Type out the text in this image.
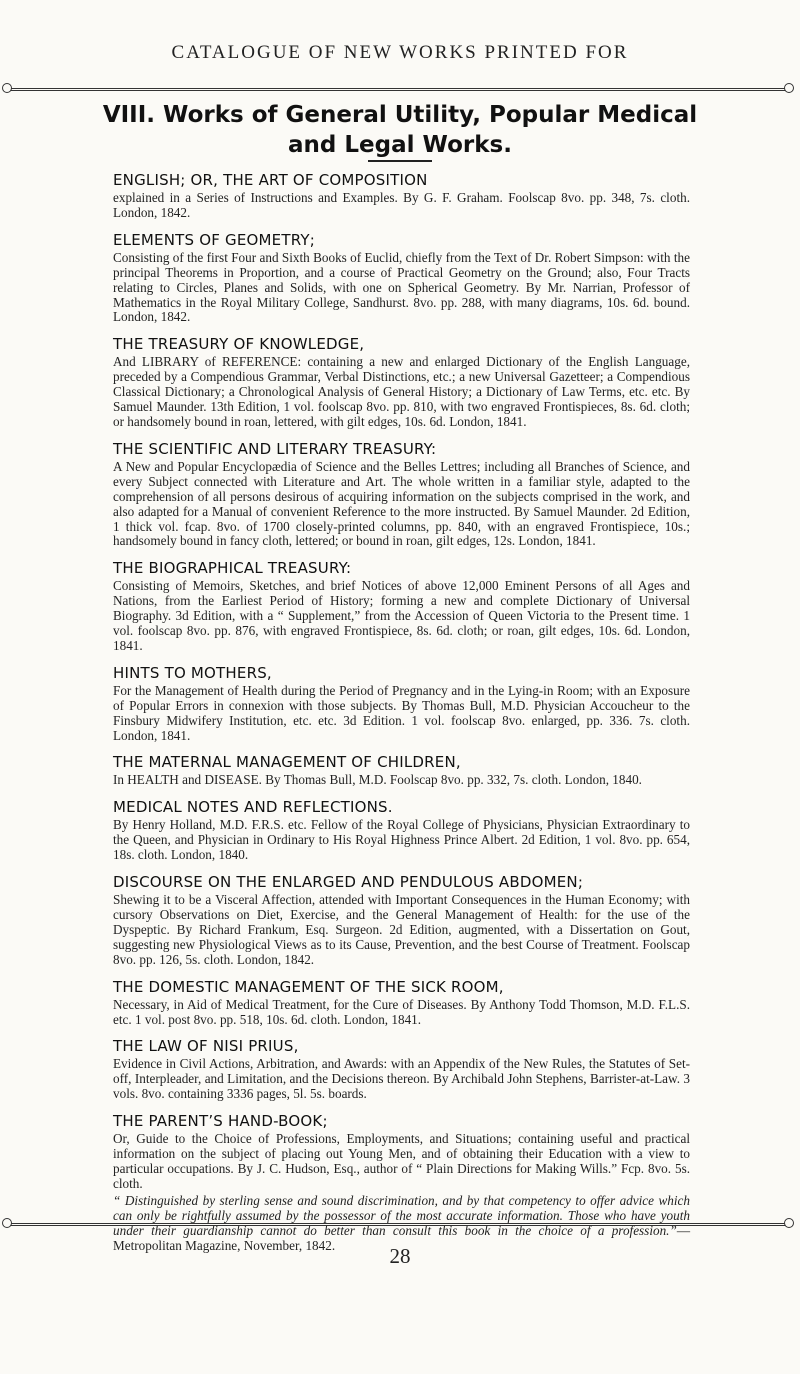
CATALOGUE OF NEW WORKS PRINTED FOR
VIII. Works of General Utility, Popular Medical
and Legal Works.
ENGLISH; OR, THE ART OF COMPOSITION

explained in a Series of Instructions and Examples. By G. F. Graham. Foolscap 8vo. pp. 348, 7s. cloth. London, 1842.

ELEMENTS OF GEOMETRY;

Consisting of the first Four and Sixth Books of Euclid, chiefly from the Text of Dr. Robert Simpson: with the principal Theorems in Proportion, and a course of Practical Geometry on the Ground; also, Four Tracts relating to Circles, Planes and Solids, with one on Spherical Geometry. By Mr. Narrian, Professor of Mathematics in the Royal Military College, Sandhurst. 8vo. pp. 288, with many diagrams, 10s. 6d. bound. London, 1842.

THE TREASURY OF KNOWLEDGE,

And LIBRARY of REFERENCE: containing a new and enlarged Dictionary of the English Language, preceded by a Compendious Grammar, Verbal Distinctions, etc.; a new Universal Gazetteer; a Compendious Classical Dictionary; a Chronological Analysis of General History; a Dictionary of Law Terms, etc. etc. By Samuel Maunder. 13th Edition, 1 vol. foolscap 8vo. pp. 810, with two engraved Frontispieces, 8s. 6d. cloth; or handsomely bound in roan, lettered, with gilt edges, 10s. 6d. London, 1841.

THE SCIENTIFIC AND LITERARY TREASURY:

A New and Popular Encyclopædia of Science and the Belles Lettres; including all Branches of Science, and every Subject connected with Literature and Art. The whole written in a familiar style, adapted to the comprehension of all persons desirous of acquiring information on the subjects comprised in the work, and also adapted for a Manual of convenient Reference to the more instructed. By Samuel Maunder. 2d Edition, 1 thick vol. fcap. 8vo. of 1700 closely-printed columns, pp. 840, with an engraved Frontispiece, 10s.; handsomely bound in fancy cloth, lettered; or bound in roan, gilt edges, 12s. London, 1841.

THE BIOGRAPHICAL TREASURY:

Consisting of Memoirs, Sketches, and brief Notices of above 12,000 Eminent Persons of all Ages and Nations, from the Earliest Period of History; forming a new and complete Dictionary of Universal Biography. 3d Edition, with a “ Supplement,” from the Accession of Queen Victoria to the Present time. 1 vol. foolscap 8vo. pp. 876, with engraved Frontispiece, 8s. 6d. cloth; or roan, gilt edges, 10s. 6d. London, 1841.

HINTS TO MOTHERS,

For the Management of Health during the Period of Pregnancy and in the Lying-in Room; with an Exposure of Popular Errors in connexion with those subjects. By Thomas Bull, M.D. Physician Accoucheur to the Finsbury Midwifery Institution, etc. etc. 3d Edition. 1 vol. foolscap 8vo. enlarged, pp. 336. 7s. cloth. London, 1841.

THE MATERNAL MANAGEMENT OF CHILDREN,

In HEALTH and DISEASE. By Thomas Bull, M.D. Foolscap 8vo. pp. 332, 7s. cloth. London, 1840.

MEDICAL NOTES AND REFLECTIONS.

By Henry Holland, M.D. F.R.S. etc. Fellow of the Royal College of Physicians, Physician Extraordinary to the Queen, and Physician in Ordinary to His Royal Highness Prince Albert. 2d Edition, 1 vol. 8vo. pp. 654, 18s. cloth. London, 1840.

DISCOURSE ON THE ENLARGED AND PENDULOUS ABDOMEN;

Shewing it to be a Visceral Affection, attended with Important Consequences in the Human Economy; with cursory Observations on Diet, Exercise, and the General Management of Health: for the use of the Dyspeptic. By Richard Frankum, Esq. Surgeon. 2d Edition, augmented, with a Dissertation on Gout, suggesting new Physiological Views as to its Cause, Prevention, and the best Course of Treatment. Foolscap 8vo. pp. 126, 5s. cloth. London, 1842.

THE DOMESTIC MANAGEMENT OF THE SICK ROOM,

Necessary, in Aid of Medical Treatment, for the Cure of Diseases. By Anthony Todd Thomson, M.D. F.L.S. etc. 1 vol. post 8vo. pp. 518, 10s. 6d. cloth. London, 1841.

THE LAW OF NISI PRIUS,

Evidence in Civil Actions, Arbitration, and Awards: with an Appendix of the New Rules, the Statutes of Set-off, Interpleader, and Limitation, and the Decisions thereon. By Archibald John Stephens, Barrister-at-Law. 3 vols. 8vo. containing 3336 pages, 5l. 5s. boards.

THE PARENT’S HAND-BOOK;

Or, Guide to the Choice of Professions, Employments, and Situations; containing useful and practical information on the subject of placing out Young Men, and of obtaining their Education with a view to particular occupations. By J. C. Hudson, Esq., author of “ Plain Directions for Making Wills.” Fcp. 8vo. 5s. cloth.

“ Distinguished by sterling sense and sound discrimination, and by that competency to offer advice which can only be rightfully assumed by the possessor of the most accurate information. Those who have youth under their guardianship cannot do better than consult this book in the choice of a profession.”—Metropolitan Magazine, November, 1842.	28
